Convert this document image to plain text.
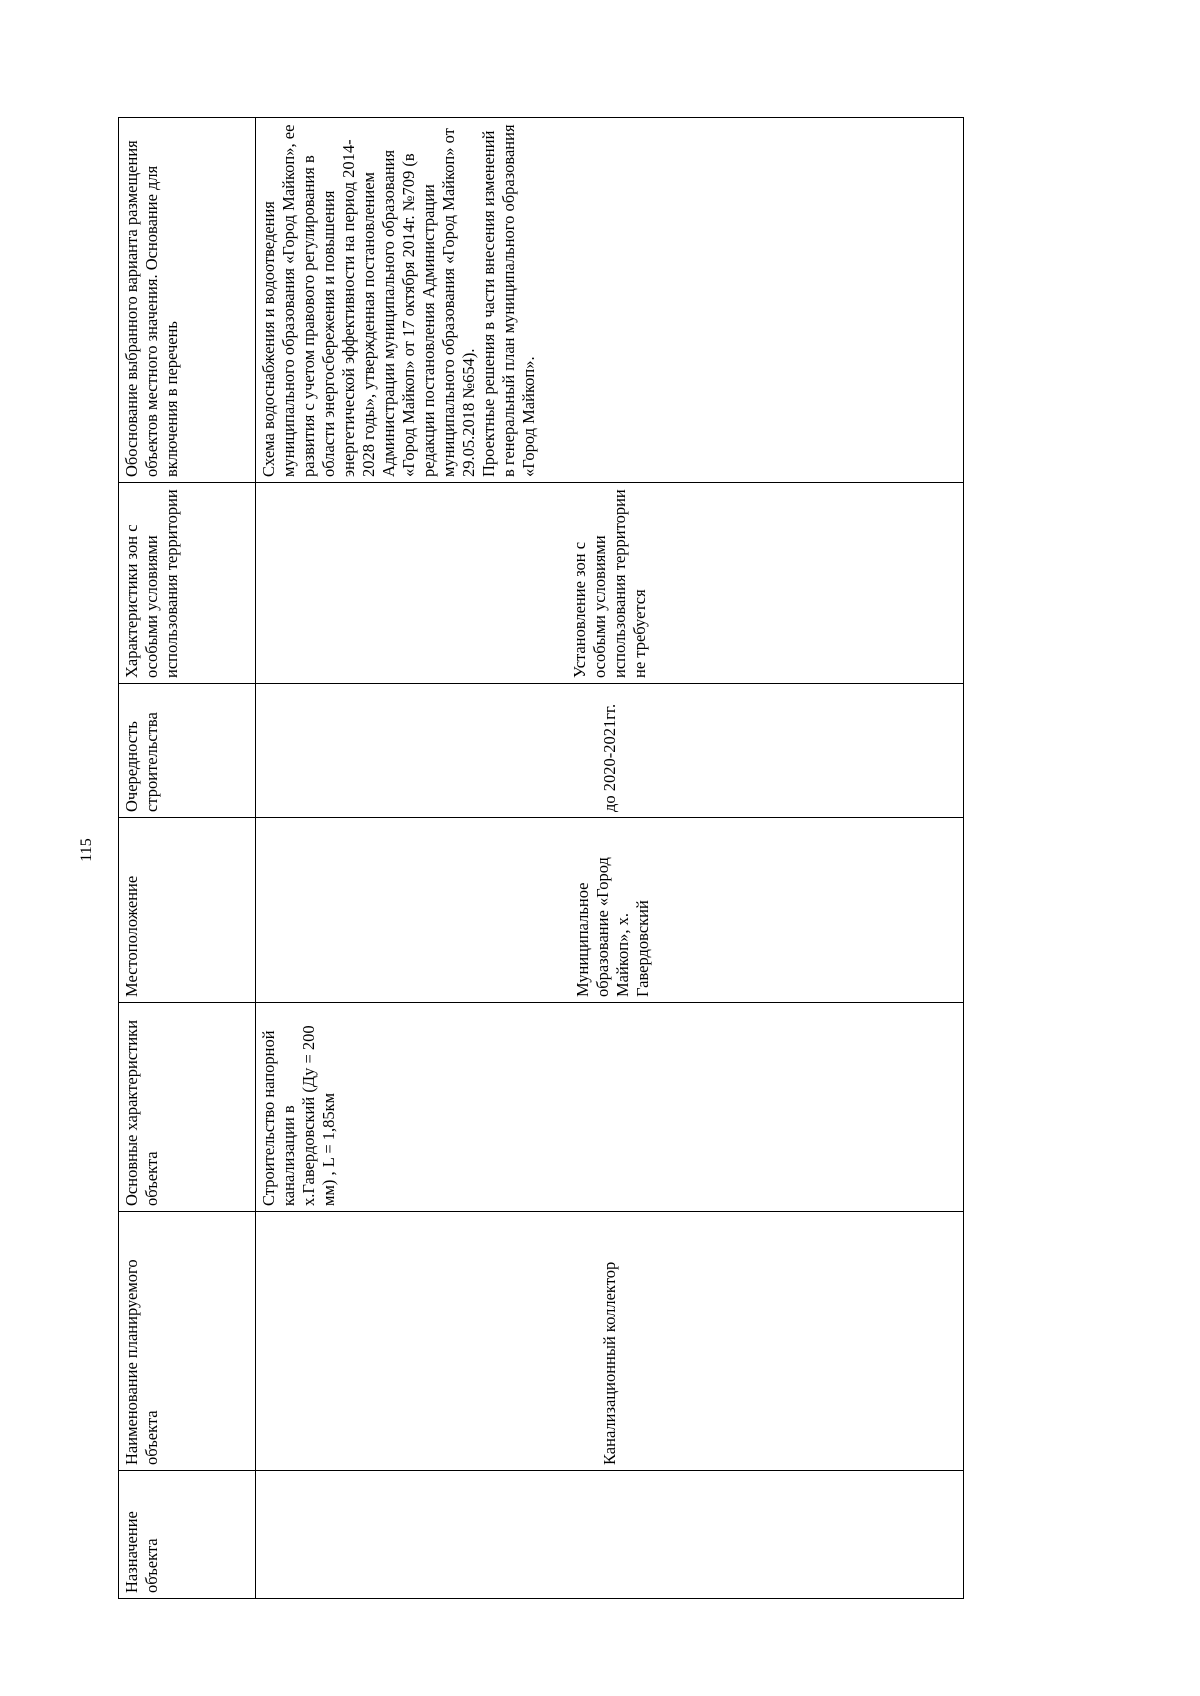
115
Назначение объекта	Наименование планируемого объекта	Основные характеристики объекта	Местоположение	Очередность строительства	Характеристики зон с особыми условиями использования территории	Обоснование выбранного варианта размещения объектов местного значения. Основание для включения в перечень
	Канализационный коллектор	Строительство напорной канализации в х.Гавердовский (Ду = 200 мм) , L = 1,85км	Муниципальное образование «Город Майкоп», х. Гавердовский	до 2020-2021гг.	Установление зон с особыми условиями использования территории не требуется	Схема водоснабжения и водоотведения муниципального образования «Город Майкоп», ее развития с учетом правового регулирования в области энергосбережения и повышения энергетической эффективности на период 2014-2028 годы», утвержденная постановлением Администрации муниципального образования «Город Майкоп» от 17 октября 2014г. №709 (в редакции постановления Администрации муниципального образования «Город Майкоп» от 29.05.2018 №654). Проектные решения в части внесения изменений в генеральный план муниципального образования «Город Майкоп».
